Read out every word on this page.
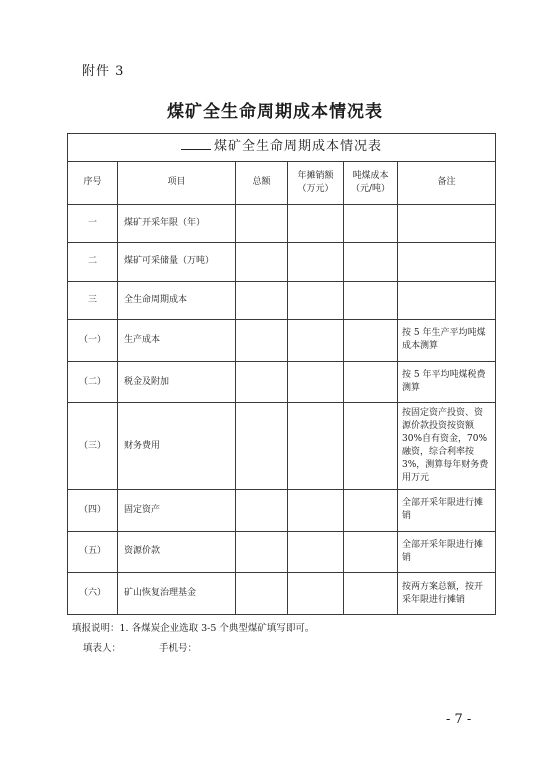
附件 3
煤矿全生命周期成本情况表
煤矿全生命周期成本情况表					
序号	项目	总额	年摊销额（万元）	吨煤成本（元/吨）	备注
一	煤矿开采年限（年）				
二	煤矿可采储量（万吨）				
三	全生命周期成本				
（一）	生产成本				按 5 年生产平均吨煤成本测算
（二）	税金及附加				按 5 年平均吨煤税费测算
（三）	财务费用				按固定资产投资、资源价款投资按资额 30%自有资金，70%融资，综合利率按 3%，测算每年财务费用万元
（四）	固定资产				全部开采年限进行摊销
（五）	资源价款				全部开采年限进行摊销
（六）	矿山恢复治理基金				按两方案总额，按开采年限进行摊销
填报说明：1. 各煤炭企业选取 3-5 个典型煤矿填写即可。
填表人：	手机号：
- 7 -
